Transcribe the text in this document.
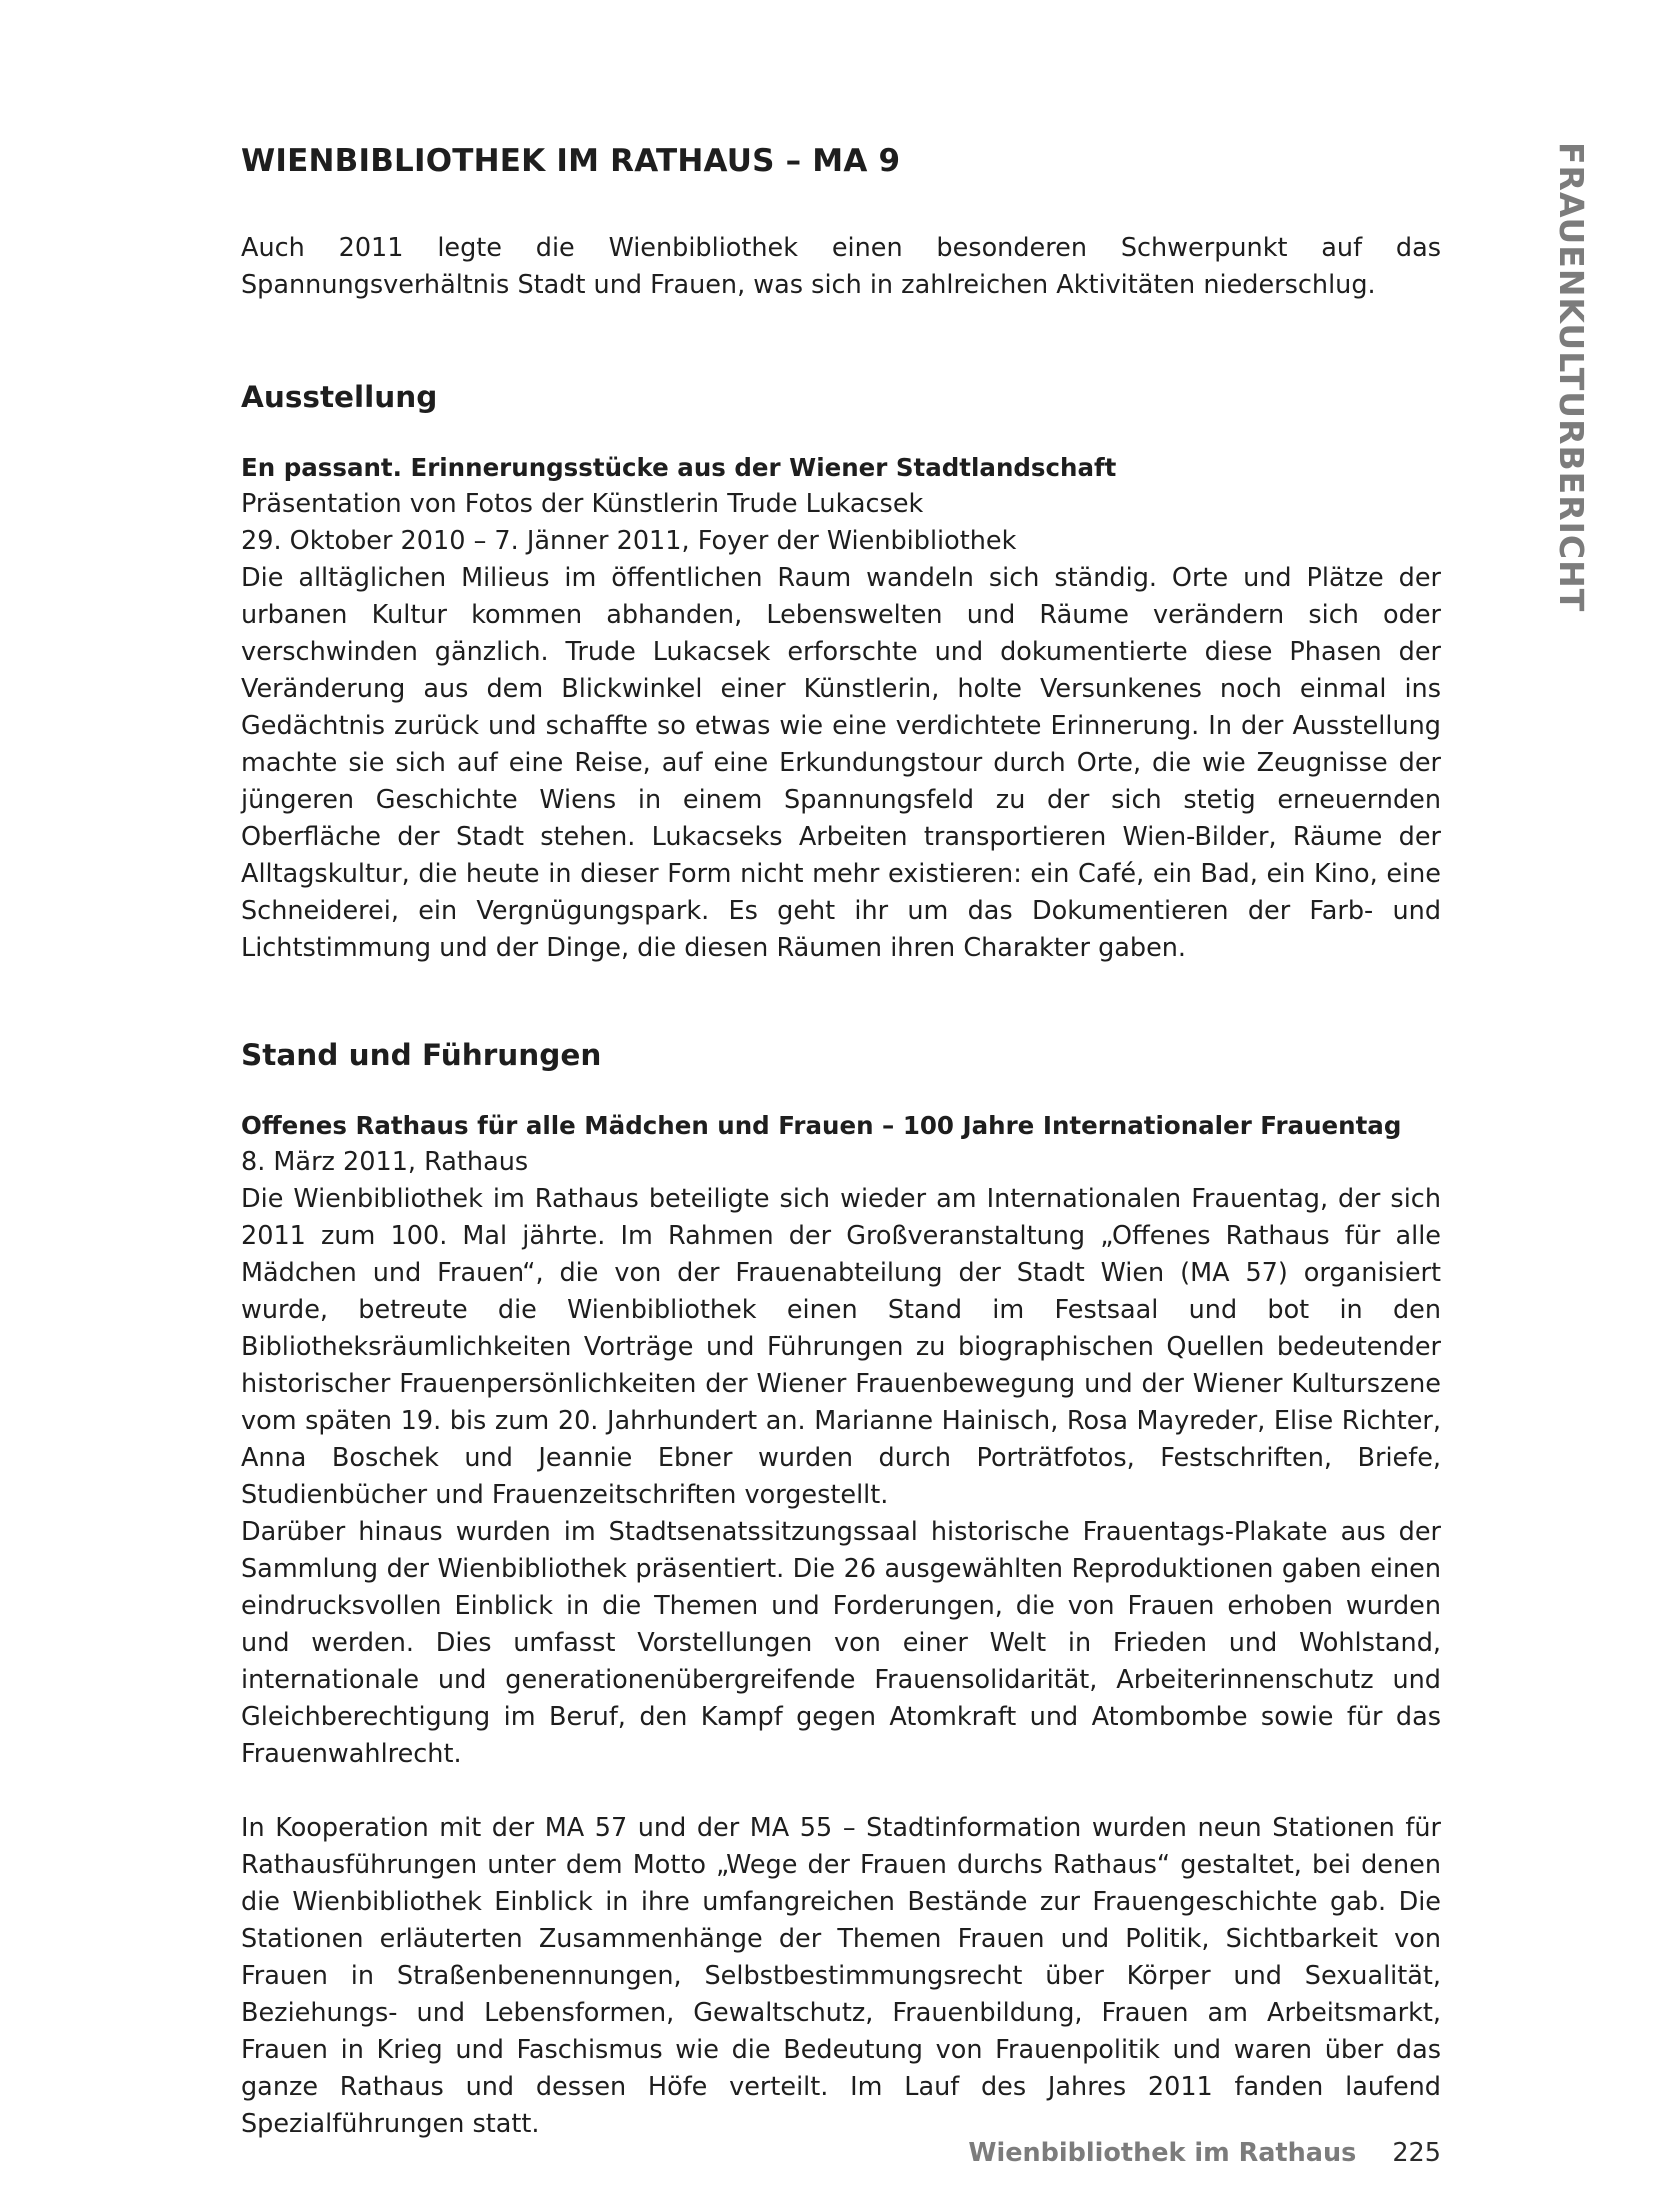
FRAUENKULTURBERICHT
WIENBIBLIOTHEK IM RATHAUS – MA 9

Auch 2011 legte die Wienbibliothek einen besonderen Schwerpunkt auf das Spannungsverhältnis Stadt und Frauen, was sich in zahlreichen Aktivitäten niederschlug.

Ausstellung

En passant. Erinnerungsstücke aus der Wiener Stadtlandschaft

Präsentation von Fotos der Künstlerin Trude Lukacsek

29. Oktober 2010 – 7. Jänner 2011, Foyer der Wienbibliothek

Die alltäglichen Milieus im öffentlichen Raum wandeln sich ständig. Orte und Plätze der urbanen Kultur kommen abhanden, Lebenswelten und Räume verändern sich oder verschwinden gänzlich. Trude Lukacsek erforschte und dokumentierte diese Phasen der Veränderung aus dem Blickwinkel einer Künstlerin, holte Versunkenes noch einmal ins Gedächtnis zurück und schaffte so etwas wie eine verdichtete Erinnerung. In der Ausstellung machte sie sich auf eine Reise, auf eine Erkundungstour durch Orte, die wie Zeugnisse der jüngeren Geschichte Wiens in einem Spannungsfeld zu der sich stetig erneuernden Oberfläche der Stadt stehen. Lukacseks Arbeiten transportieren Wien-Bilder, Räume der Alltagskultur, die heute in dieser Form nicht mehr existieren: ein Café, ein Bad, ein Kino, eine Schneiderei, ein Vergnügungspark. Es geht ihr um das Dokumentieren der Farb- und Lichtstimmung und der Dinge, die diesen Räumen ihren Charakter gaben.

Stand und Führungen

Offenes Rathaus für alle Mädchen und Frauen – 100 Jahre Internationaler Frauentag

8. März 2011, Rathaus

Die Wienbibliothek im Rathaus beteiligte sich wieder am Internationalen Frauentag, der sich 2011 zum 100. Mal jährte. Im Rahmen der Großveranstaltung „Offenes Rathaus für alle Mädchen und Frauen“, die von der Frauenabteilung der Stadt Wien (MA 57) organisiert wurde, betreute die Wienbibliothek einen Stand im Festsaal und bot in den Bibliotheksräumlichkeiten Vorträge und Führungen zu biographischen Quellen bedeutender historischer Frauenpersönlichkeiten der Wiener Frauenbewegung und der Wiener Kulturszene vom späten 19. bis zum 20. Jahrhundert an. Marianne Hainisch, Rosa Mayreder, Elise Richter, Anna Boschek und Jeannie Ebner wurden durch Porträtfotos, Festschriften, Briefe, Studienbücher und Frauenzeitschriften vorgestellt.

Darüber hinaus wurden im Stadtsenatssitzungssaal historische Frauentags-Plakate aus der Sammlung der Wienbibliothek präsentiert. Die 26 ausgewählten Reproduktionen gaben einen eindrucksvollen Einblick in die Themen und Forderungen, die von Frauen erhoben wurden und werden. Dies umfasst Vorstellungen von einer Welt in Frieden und Wohlstand, internationale und generationenübergreifende Frauensolidarität, Arbeiterinnenschutz und Gleichberechtigung im Beruf, den Kampf gegen Atomkraft und Atombombe sowie für das Frauenwahlrecht.

In Kooperation mit der MA 57 und der MA 55 – Stadtinformation wurden neun Stationen für Rathausführungen unter dem Motto „Wege der Frauen durchs Rathaus“ gestaltet, bei denen die Wienbibliothek Einblick in ihre umfangreichen Bestände zur Frauengeschichte gab. Die Stationen erläuterten Zusammenhänge der Themen Frauen und Politik, Sichtbarkeit von Frauen in Straßenbenennungen, Selbstbestimmungsrecht über Körper und Sexualität, Beziehungs- und Lebensformen, Gewaltschutz, Frauenbildung, Frauen am Arbeitsmarkt, Frauen in Krieg und Faschismus wie die Bedeutung von Frauenpolitik und waren über das ganze Rathaus und dessen Höfe verteilt. Im Lauf des Jahres 2011 fanden laufend Spezialführungen statt.

Wienbibliothek im Rathaus 225
